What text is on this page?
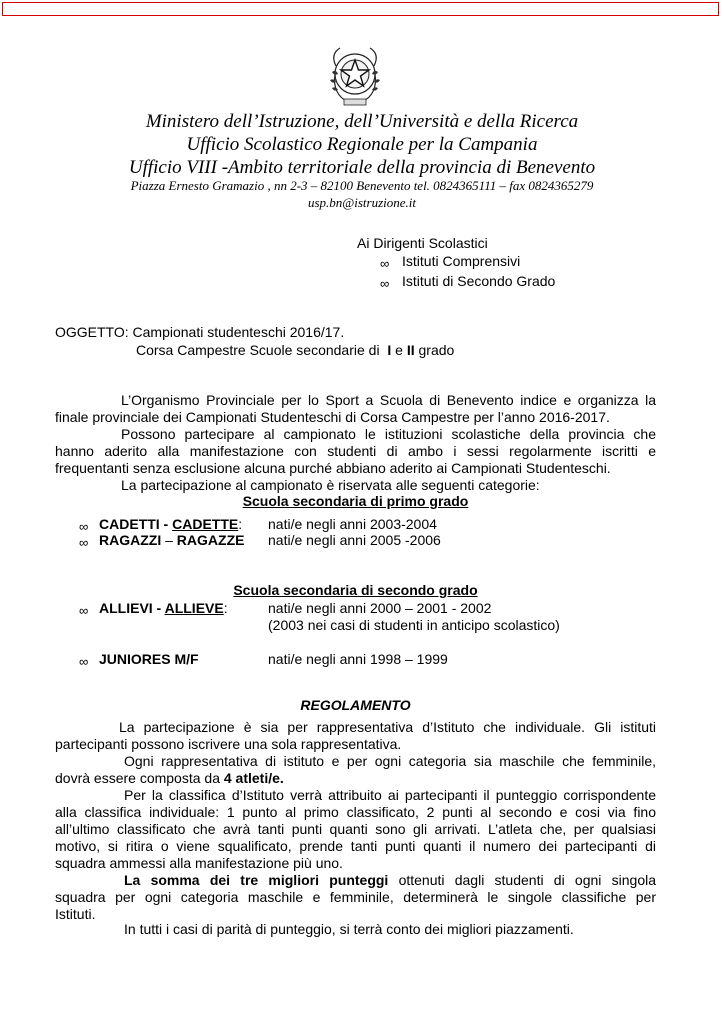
Ministero dell’Istruzione, dell’Università e della Ricerca
Ufficio Scolastico Regionale per la Campania
Ufficio VIII -Ambito territoriale della provincia di Benevento
Piazza Ernesto Gramazio , nn 2-3 – 82100 Benevento tel. 0824365111 – fax 0824365279
usp.bn@istruzione.it
Ai Dirigenti Scolastici
∞ Istituti Comprensivi
∞ Istituti di Secondo Grado
OGGETTO: Campionati studenteschi 2016/17.
Corsa Campestre Scuole secondarie di I e II grado
L’Organismo Provinciale per lo Sport a Scuola di Benevento indice e organizza la
finale provinciale dei Campionati Studenteschi di Corsa Campestre per l’anno 2016-2017.
Possono partecipare al campionato le istituzioni scolastiche della provincia che
hanno aderito alla manifestazione con studenti di ambo i sessi regolarmente iscritti e
frequentanti senza esclusione alcuna purché abbiano aderito ai Campionati Studenteschi.
La partecipazione al campionato è riservata alle seguenti categorie:
Scuola secondaria di primo grado
∞ CADETTI - CADETTE: nati/e negli anni 2003-2004
∞ RAGAZZI – RAGAZZE nati/e negli anni 2005 -2006
Scuola secondaria di secondo grado
∞ ALLIEVI - ALLIEVE:	nati/e negli anni 2000 – 2001 - 2002
(2003 nei casi di studenti in anticipo scolastico)
∞ JUNIORES M/F	nati/e negli anni 1998 – 1999
REGOLAMENTO
La partecipazione è sia per rappresentativa d’Istituto che individuale. Gli istituti
partecipanti possono iscrivere una sola rappresentativa.
Ogni rappresentativa di istituto e per ogni categoria sia maschile che femminile,
dovrà essere composta da 4 atleti/e.
Per la classifica d’Istituto verrà attribuito ai partecipanti il punteggio corrispondente
alla classifica individuale: 1 punto al primo classificato, 2 punti al secondo e cosi via fino
all’ultimo classificato che avrà tanti punti quanti sono gli arrivati. L’atleta che, per qualsiasi
motivo, si ritira o viene squalificato, prende tanti punti quanti il numero dei partecipanti di
squadra ammessi alla manifestazione più uno.
La somma dei tre migliori punteggi ottenuti dagli studenti di ogni singola
squadra per ogni categoria maschile e femminile, determinerà le singole classifiche per
Istituti.
In tutti i casi di parità di punteggio, si terrà conto dei migliori piazzamenti.
